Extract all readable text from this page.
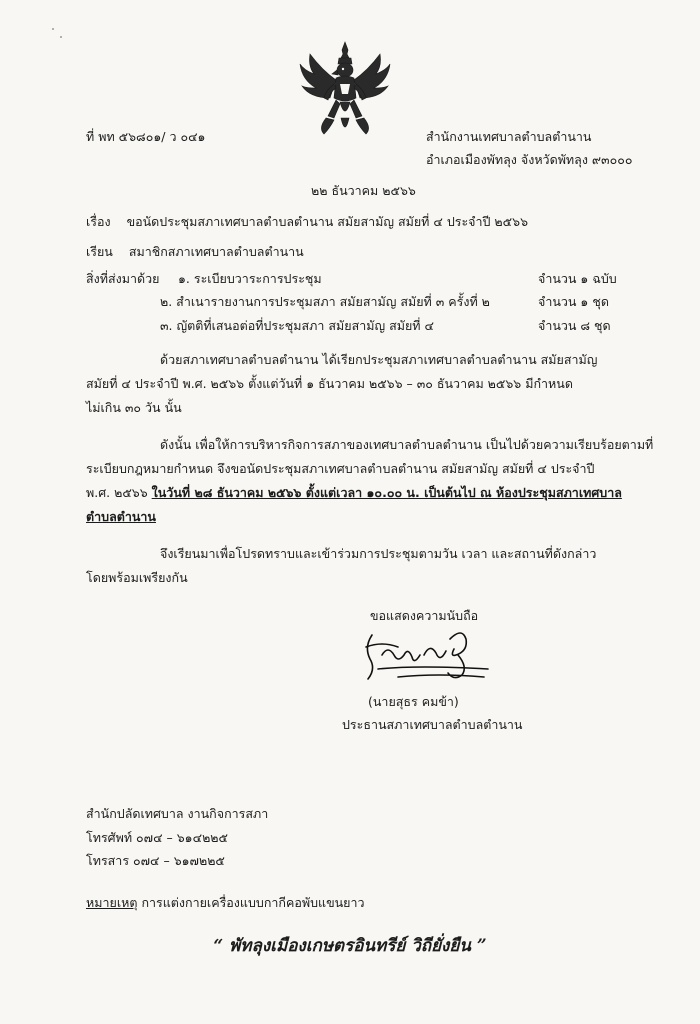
ที่ พท ๕๖๘๐๑/ ว ๐๔๑	สำนักงานเทศบาลตำบลตำนาน
อำเภอเมืองพัทลุง จังหวัดพัทลุง ๙๓๐๐๐
๒๒ ธันวาคม ๒๕๖๖
เรื่อง ขอนัดประชุมสภาเทศบาลตำบลตำนาน สมัยสามัญ สมัยที่ ๔ ประจำปี ๒๕๖๖
เรียน สมาชิกสภาเทศบาลตำบลตำนาน
สิ่งที่ส่งมาด้วย ๑. ระเบียบวาระการประชุม	จำนวน ๑ ฉบับ
๒. สำเนารายงานการประชุมสภา สมัยสามัญ สมัยที่ ๓ ครั้งที่ ๒	จำนวน ๑ ชุด
๓. ญัตติที่เสนอต่อที่ประชุมสภา สมัยสามัญ สมัยที่ ๔	จำนวน ๘ ชุด
ด้วยสภาเทศบาลตำบลตำนาน ได้เรียกประชุมสภาเทศบาลตำบลตำนาน สมัยสามัญ
สมัยที่ ๔ ประจำปี พ.ศ. ๒๕๖๖ ตั้งแต่วันที่ ๑ ธันวาคม ๒๕๖๖ – ๓๐ ธันวาคม ๒๕๖๖ มีกำหนด
ไม่เกิน ๓๐ วัน นั้น
ดังนั้น เพื่อให้การบริหารกิจการสภาของเทศบาลตำบลตำนาน เป็นไปด้วยความเรียบร้อยตามที่
ระเบียบกฎหมายกำหนด จึงขอนัดประชุมสภาเทศบาลตำบลตำนาน สมัยสามัญ สมัยที่ ๔ ประจำปี
พ.ศ. ๒๕๖๖ ในวันที่ ๒๘ ธันวาคม ๒๕๖๖ ตั้งแต่เวลา ๑๐.๐๐ น. เป็นต้นไป ณ ห้องประชุมสภาเทศบาล
ตำบลตำนาน
จึงเรียนมาเพื่อโปรดทราบและเข้าร่วมการประชุมตามวัน เวลา และสถานที่ดังกล่าว
โดยพร้อมเพรียงกัน
ขอแสดงความนับถือ
(นายสุธร คมข้า)
ประธานสภาเทศบาลตำบลตำนาน
สำนักปลัดเทศบาล งานกิจการสภา
โทรศัพท์ ๐๗๔ – ๖๑๔๒๒๕
โทรสาร ๐๗๔ – ๖๑๗๒๒๕
หมายเหตุ การแต่งกายเครื่องแบบกากีคอพับแขนยาว
“ พัทลุงเมืองเกษตรอินทรีย์ วิถียั่งยืน ”
